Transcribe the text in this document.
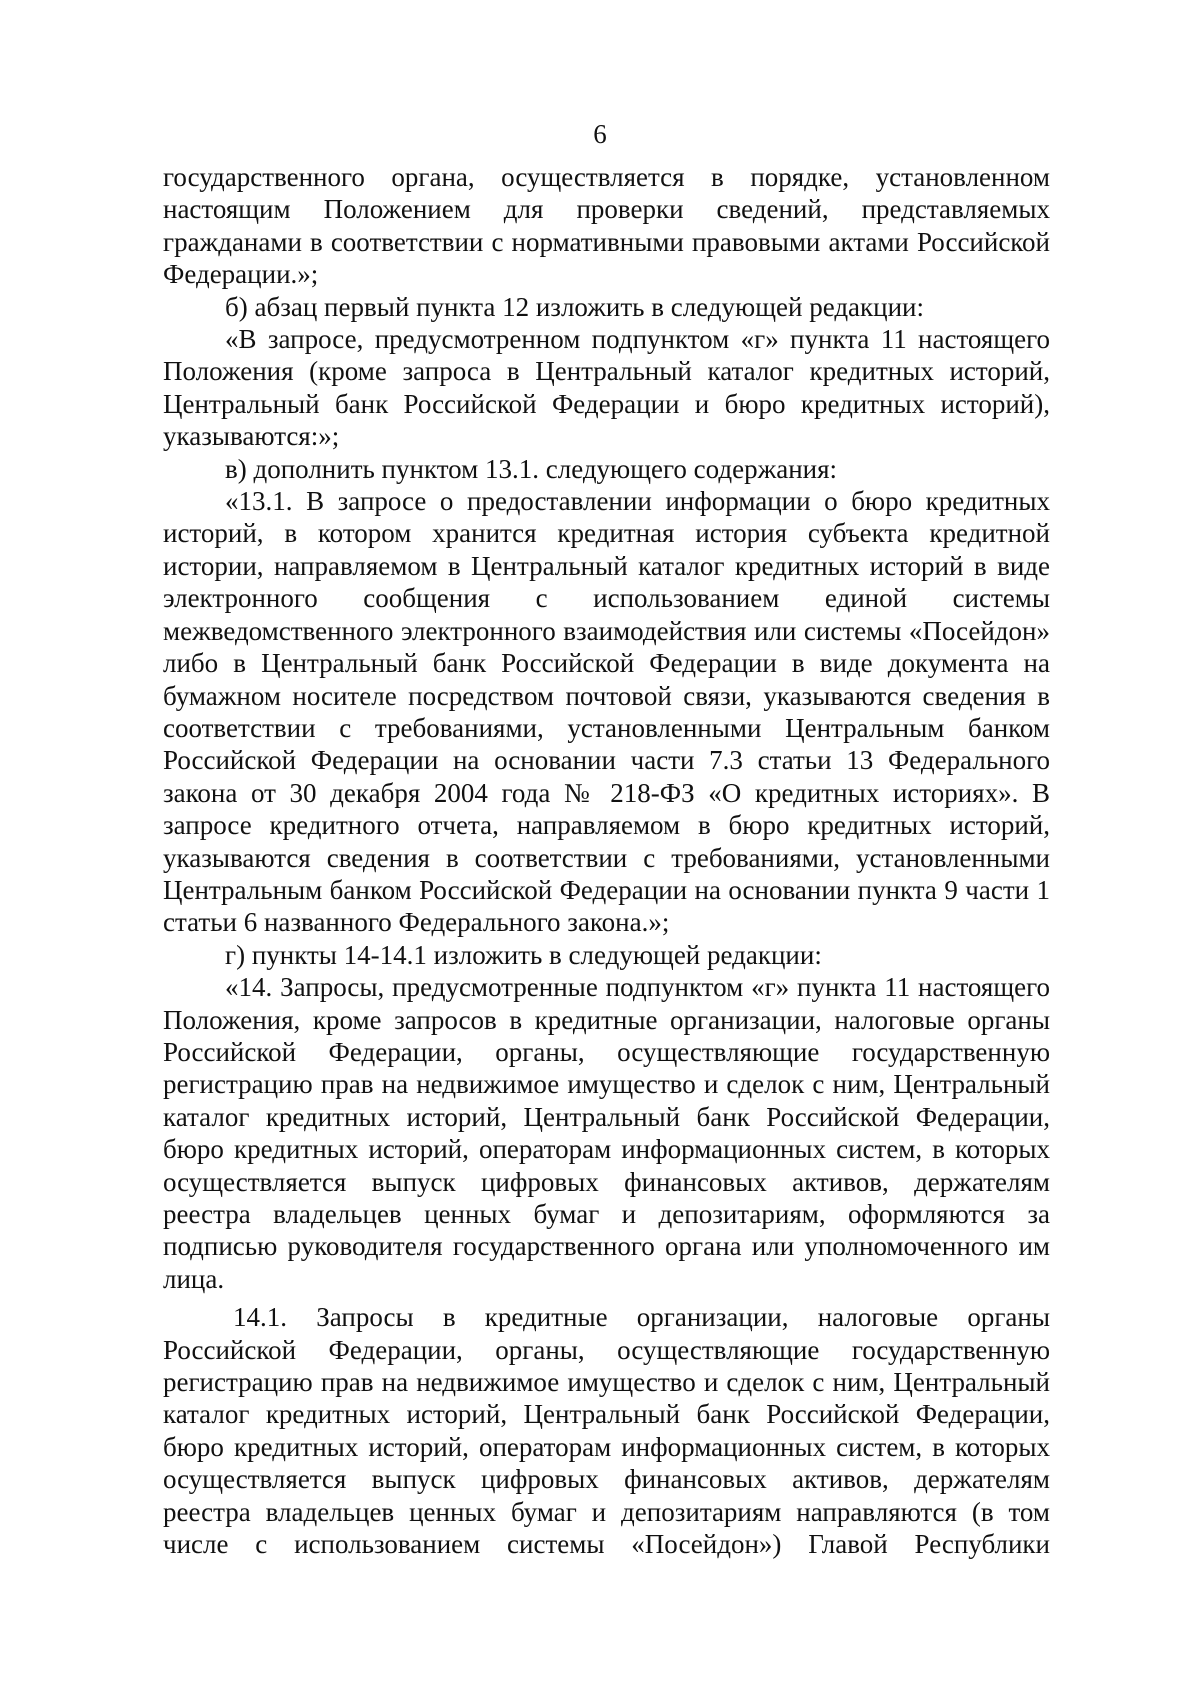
6

государственного органа, осуществляется в порядке, установленном настоящим Положением для проверки сведений, представляемых гражданами в соответствии с нормативными правовыми актами Российской Федерации.»;

б) абзац первый пункта 12 изложить в следующей редакции:

«В запросе, предусмотренном подпунктом «г» пункта 11 настоящего Положения (кроме запроса в Центральный каталог кредитных историй, Центральный банк Российской Федерации и бюро кредитных историй), указываются:»;

в) дополнить пунктом 13.1. следующего содержания:

«13.1. В запросе о предоставлении информации о бюро кредитных историй, в котором хранится кредитная история субъекта кредитной истории, направляемом в Центральный каталог кредитных историй в виде электронного сообщения с использованием единой системы межведомственного электронного взаимодействия или системы «Посейдон» либо в Центральный банк Российской Федерации в виде документа на бумажном носителе посредством почтовой связи, указываются сведения в соответствии с требованиями, установленными Центральным банком Российской Федерации на основании части 7.3 статьи 13 Федерального закона от 30 декабря 2004 года № 218-ФЗ «О кредитных историях». В запросе кредитного отчета, направляемом в бюро кредитных историй, указываются сведения в соответствии с требованиями, установленными Центральным банком Российской Федерации на основании пункта 9 части 1 статьи 6 названного Федерального закона.»;

г) пункты 14-14.1 изложить в следующей редакции:

«14. Запросы, предусмотренные подпунктом «г» пункта 11 настоящего Положения, кроме запросов в кредитные организации, налоговые органы Российской Федерации, органы, осуществляющие государственную регистрацию прав на недвижимое имущество и сделок с ним, Центральный каталог кредитных историй, Центральный банк Российской Федерации, бюро кредитных историй, операторам информационных систем, в которых осуществляется выпуск цифровых финансовых активов, держателям реестра владельцев ценных бумаг и депозитариям, оформляются за подписью руководителя государственного органа или уполномоченного им лица.

14.1. Запросы в кредитные организации, налоговые органы Российской Федерации, органы, осуществляющие государственную регистрацию прав на недвижимое имущество и сделок с ним, Центральный каталог кредитных историй, Центральный банк Российской Федерации, бюро кредитных историй, операторам информационных систем, в которых осуществляется выпуск цифровых финансовых активов, держателям реестра владельцев ценных бумаг и депозитариям направляются (в том числе с использованием системы «Посейдон») Главой Республики
